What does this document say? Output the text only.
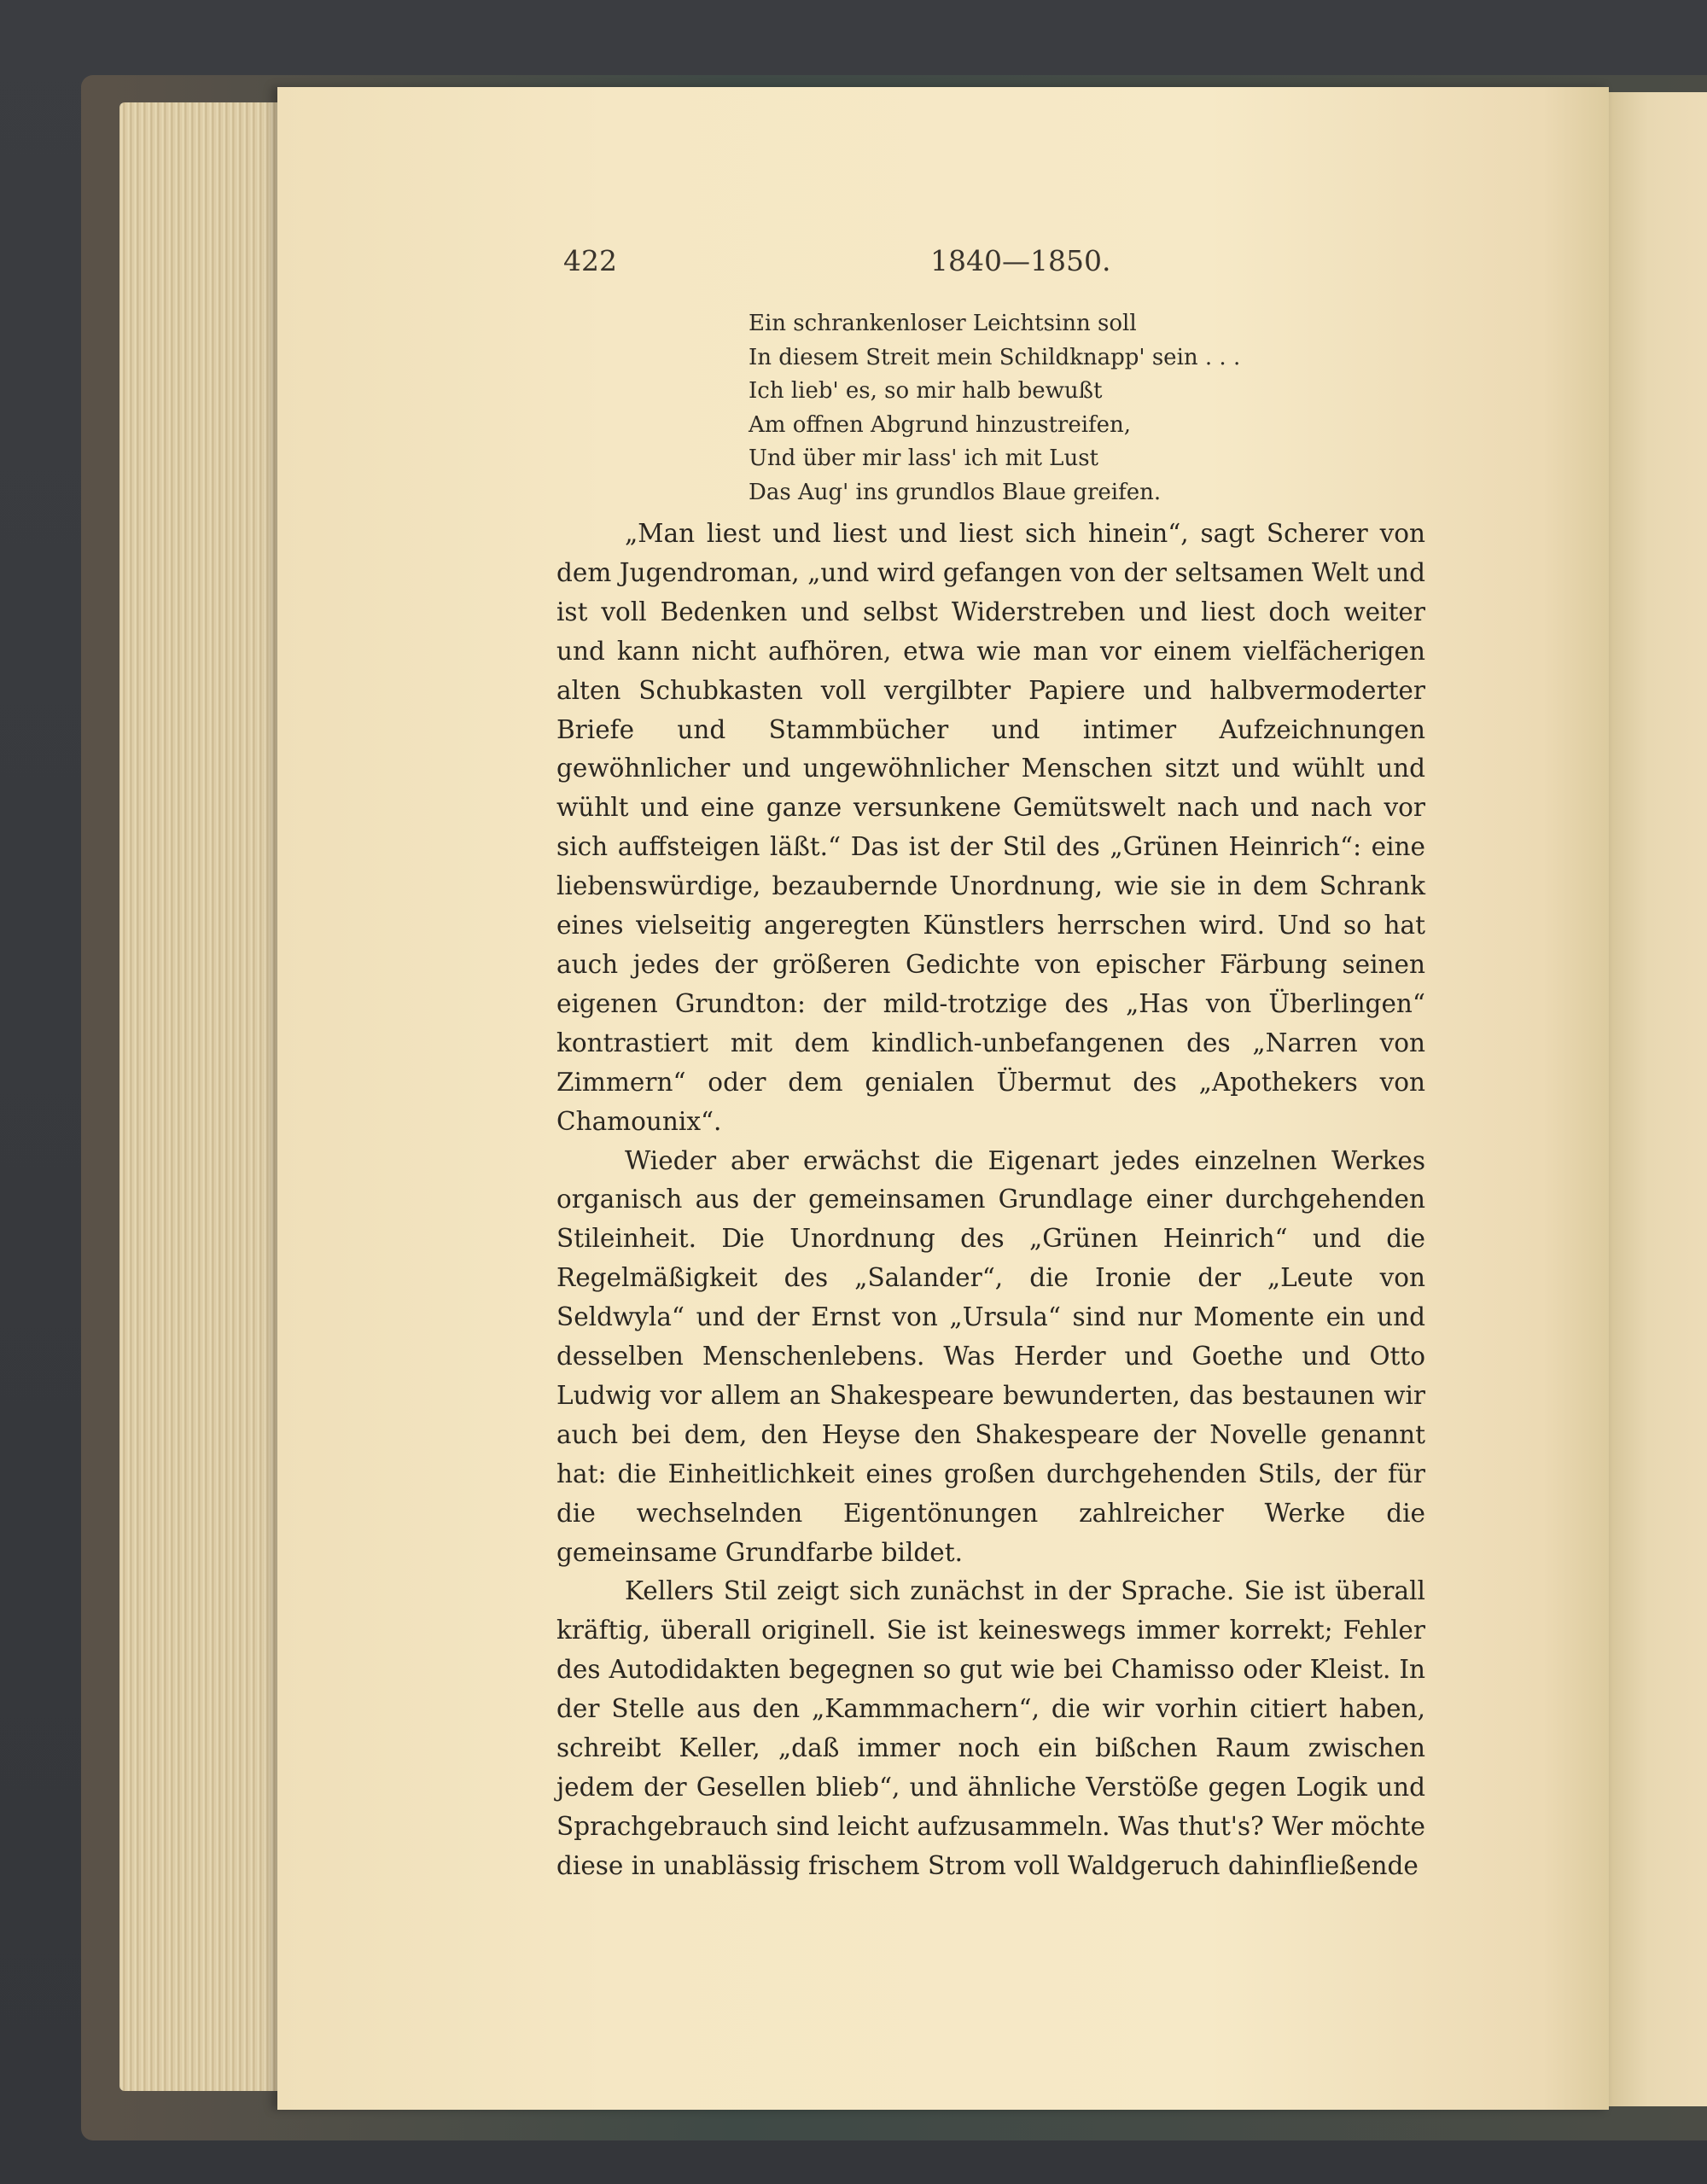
422	1840—1850.
Ein schrankenloser Leichtsinn soll
In diesem Streit mein Schildknapp' sein . . .
Ich lieb' es, so mir halb bewußt
Am offnen Abgrund hinzustreifen,
Und über mir lass' ich mit Lust
Das Aug' ins grundlos Blaue greifen.

„Man liest und liest und liest sich hinein“, sagt Scherer von dem Jugendroman, „und wird gefangen von der seltsamen Welt und ist voll Bedenken und selbst Widerstreben und liest doch weiter und kann nicht aufhören, etwa wie man vor einem vielfächerigen alten Schubkasten voll vergilbter Papiere und halbvermoderter Briefe und Stammbücher und intimer Aufzeichnungen gewöhnlicher und ungewöhnlicher Menschen sitzt und wühlt und wühlt und eine ganze versunkene Gemütswelt nach und nach vor sich auffsteigen läßt.“ Das ist der Stil des „Grünen Heinrich“: eine liebenswürdige, bezaubernde Unordnung, wie sie in dem Schrank eines vielseitig angeregten Künstlers herrschen wird. Und so hat auch jedes der größeren Gedichte von epischer Färbung seinen eigenen Grundton: der mild-trotzige des „Has von Überlingen“ kontrastiert mit dem kindlich-unbefangenen des „Narren von Zimmern“ oder dem genialen Übermut des „Apothekers von Chamounix“.

Wieder aber erwächst die Eigenart jedes einzelnen Werkes organisch aus der gemeinsamen Grundlage einer durchgehenden Stileinheit. Die Unordnung des „Grünen Heinrich“ und die Regelmäßigkeit des „Salander“, die Ironie der „Leute von Seldwyla“ und der Ernst von „Ursula“ sind nur Momente ein und desselben Menschenlebens. Was Herder und Goethe und Otto Ludwig vor allem an Shakespeare bewunderten, das bestaunen wir auch bei dem, den Heyse den Shakespeare der Novelle genannt hat: die Einheitlichkeit eines großen durchgehenden Stils, der für die wechselnden Eigentönungen zahlreicher Werke die gemeinsame Grundfarbe bildet.

Kellers Stil zeigt sich zunächst in der Sprache. Sie ist überall kräftig, überall originell. Sie ist keineswegs immer korrekt; Fehler des Autodidakten begegnen so gut wie bei Chamisso oder Kleist. In der Stelle aus den „Kammmachern“, die wir vorhin citiert haben, schreibt Keller, „daß immer noch ein bißchen Raum zwischen jedem der Gesellen blieb“, und ähnliche Verstöße gegen Logik und Sprachgebrauch sind leicht aufzusammeln. Was thut's? Wer möchte diese in unablässig frischem Strom voll Waldgeruch dahinfließende
